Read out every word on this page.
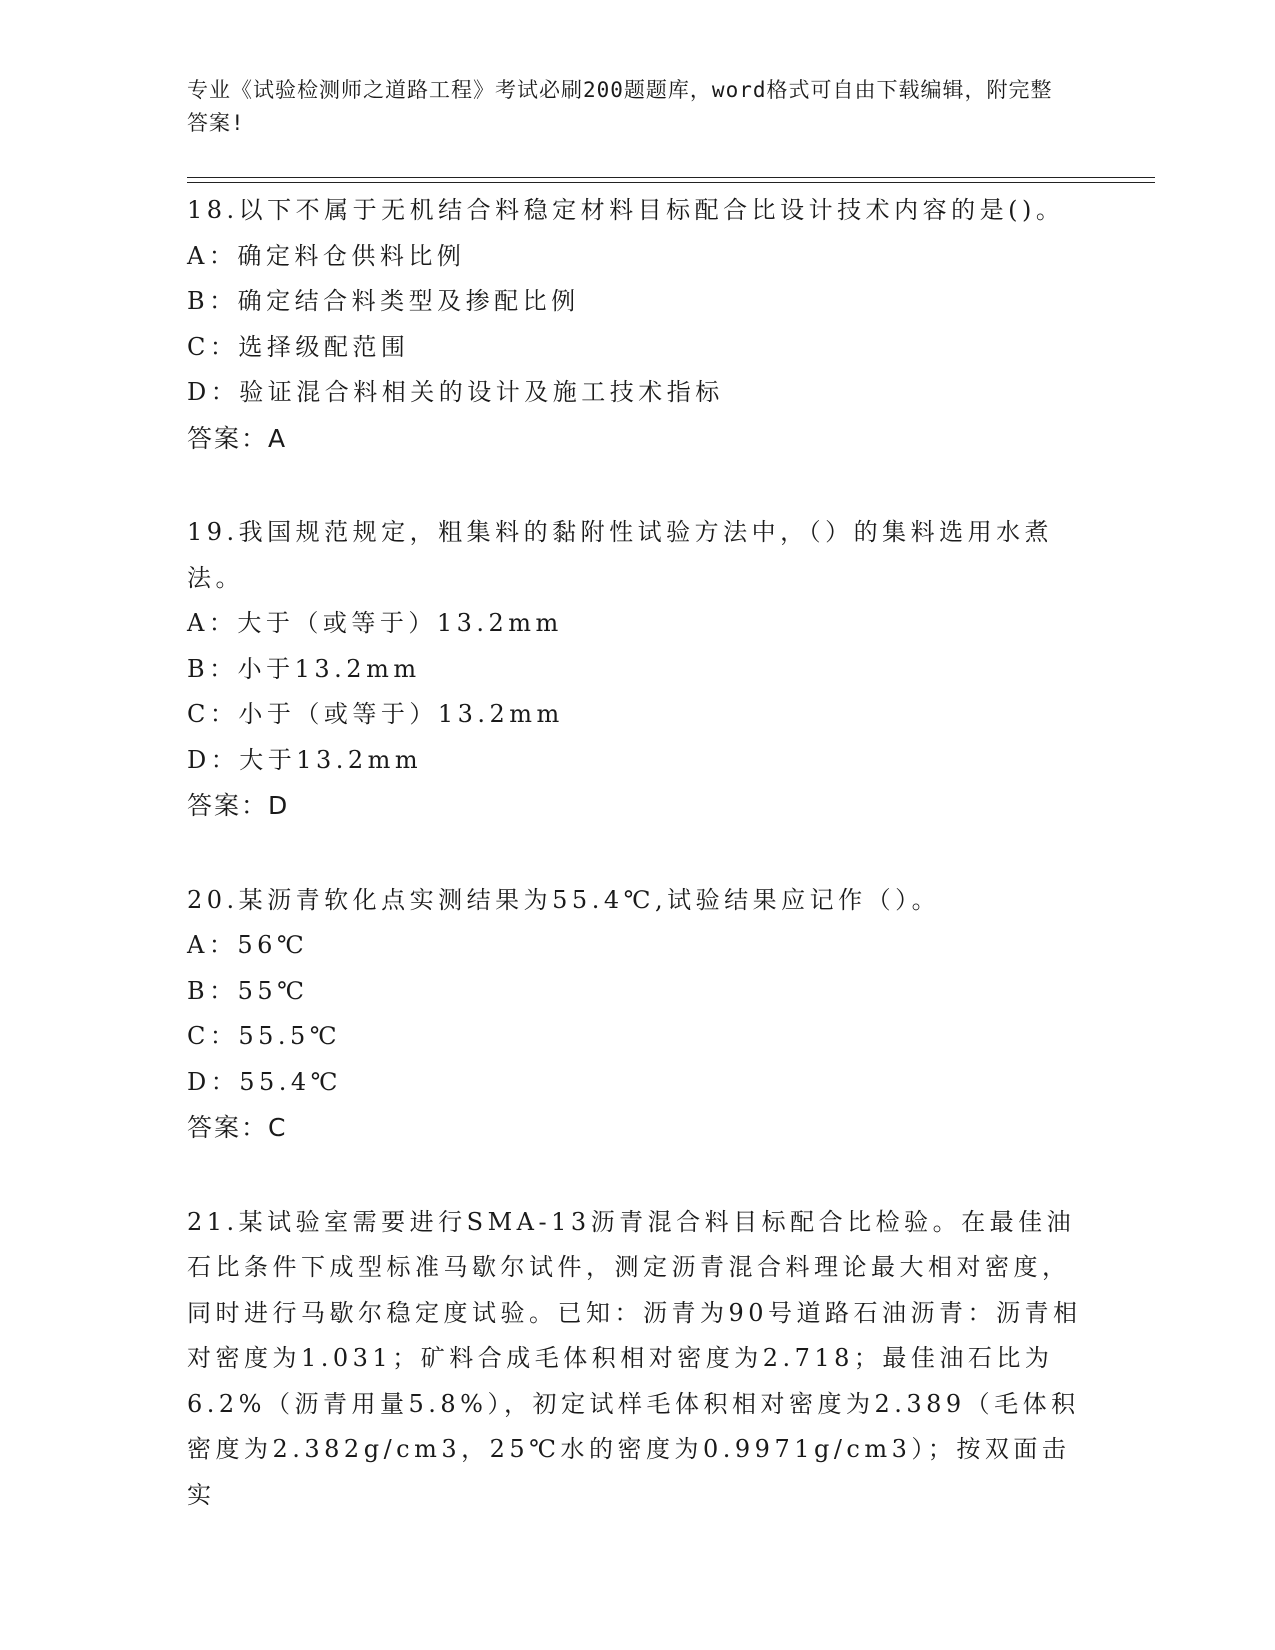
专业《试验检测师之道路工程》考试必刷200题题库，word格式可自由下载编辑，附完整答案!
18.以下不属于无机结合料稳定材料目标配合比设计技术内容的是()。
A：确定料仓供料比例
B：确定结合料类型及掺配比例
C：选择级配范围
D：验证混合料相关的设计及施工技术指标
答案：A
19.我国规范规定，粗集料的黏附性试验方法中，（）的集料选用水煮法。
A：大于（或等于）13.2mm
B：小于13.2mm
C：小于（或等于）13.2mm
D：大于13.2mm
答案：D
20.某沥青软化点实测结果为55.4℃,试验结果应记作（）。
A：56℃
B：55℃
C：55.5℃
D：55.4℃
答案：C
21.某试验室需要进行SMA-13沥青混合料目标配合比检验。在最佳油石比条件下成型标准马歇尔试件，测定沥青混合料理论最大相对密度，同时进行马歇尔稳定度试验。已知：沥青为90号道路石油沥青：沥青相对密度为1.031；矿料合成毛体积相对密度为2.718；最佳油石比为6.2%（沥青用量5.8%），初定试样毛体积相对密度为2.389（毛体积密度为2.382g/cm3，25℃水的密度为0.9971g/cm3）；按双面击实
